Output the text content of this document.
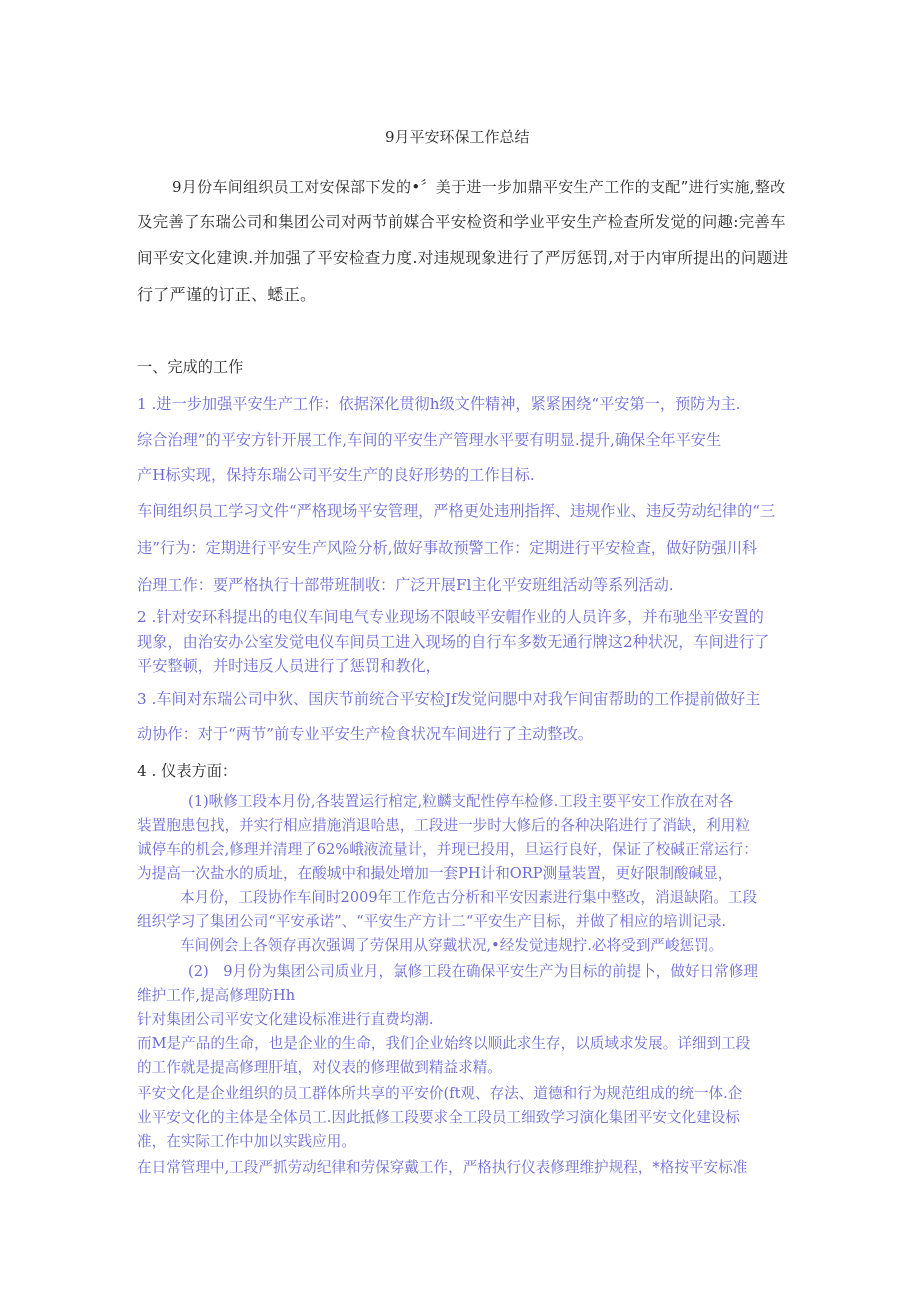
9月平安环保工作总结
9月份车间组织员工对安保部下发的•〞美于进一步加鼎平安生产工作的支配”进行实施,整改
及完善了东瑞公司和集团公司对两节前媒合平安检资和学业平安生产检查所发觉的问趣:完善车
间平安文化建谀.并加强了平安检查力度.对违规现象进行了严厉惩罚,对于内审所提出的问题进
行了严谨的订正、蟋正。
一、完成的工作
1 .进一步加强平安生产工作：依据深化贯彻h级文件精神，紧紧困绕“平安第一，预防为主.
综合治理”的平安方针开展工作,车间的平安生产管理水平要有明显.提升,确保全年平安生
产H标实现，保持东瑞公司平安生产的良好形势的工作目标.
车间组织员工学习文件“严格现场平安管理，严格更处违刑指挥、违规作业、违反劳动纪律的“三
违”行为：定期进行平安生产风险分析,做好事故预警工作：定期进行平安检查，做好防强川科
治理工作：要严格执行十部带班制收：广泛开展Fl主化平安班组活动等系列活动.
2 .针对安环科提出的电仪车间电气专业现场不限岐平安帽作业的人员许多，并布驰坐平安置的
现象，由治安办公室发觉电仪车间员工进入现场的自行车多数无通行牌这2种状况，车间进行了
平安整顿，并时违反人员进行了惩罚和教化，
3 .车间对东瑞公司中狄、国庆节前统合平安检Jf发觉问腮中对我乍间宙帮助的工作提前做好主
动协作：对于“两节”前专业平安生产检食状况车间进行了主动整改。
4 . 仪表方面：
(1)啾修工段本月份,各装置运行棺定,粒麟支配性停车检修.工段主要平安工作放在对各
装置胞患包找，并实行相应措施消退哈患，工段进一步时大修后的各种决陷进行了消缺，利用粒
诚停车的机会,修理并清理了62%峨液流量计，并现已投用，旦运行良好，保证了校碱正常运行：
为提高一次盐水的质址，在酸城中和撮处增加一套PH计和ORP测量装置，更好限制酸碱显，
本月份，工段协作车间时2009年工作危古分析和平安因素进行集中整改，消退缺陷。工段
组织学习了集团公司“平安承诺”、“平安生产方计二“平安生产目标，并做了相应的培训记录.
车间例会上各领存再次强调了劳保用从穿戴状况,•经发觉违规拧.必将受到严峻惩罚。
(2)　9月份为集团公司质业月，氯修工段在确保平安生产为目标的前提卜，做好日常修理
维护工作,提高修理防Hh
针对集团公司平安文化建设标准进行直费均潮.
而M是产品的生命，也是企业的生命，我们企业始终以顺此求生存，以质域求发展。详细到工段
的工作就是提高修理肝埴，对仪表的修理做到精益求精。
平安文化是企业组织的员工群体所共享的平安价(ft观、存法、道德和行为规范组成的统一体.企
业平安文化的主体是全体员工.因此抵修工段要求全工段员工细致学习演化集团平安文化建设标
准，在实际工作中加以实践应用。
在日常管理中,工段严抓劳动纪律和劳保穿戴工作，严格执行仪表修理维护规程，*格按平安标准
